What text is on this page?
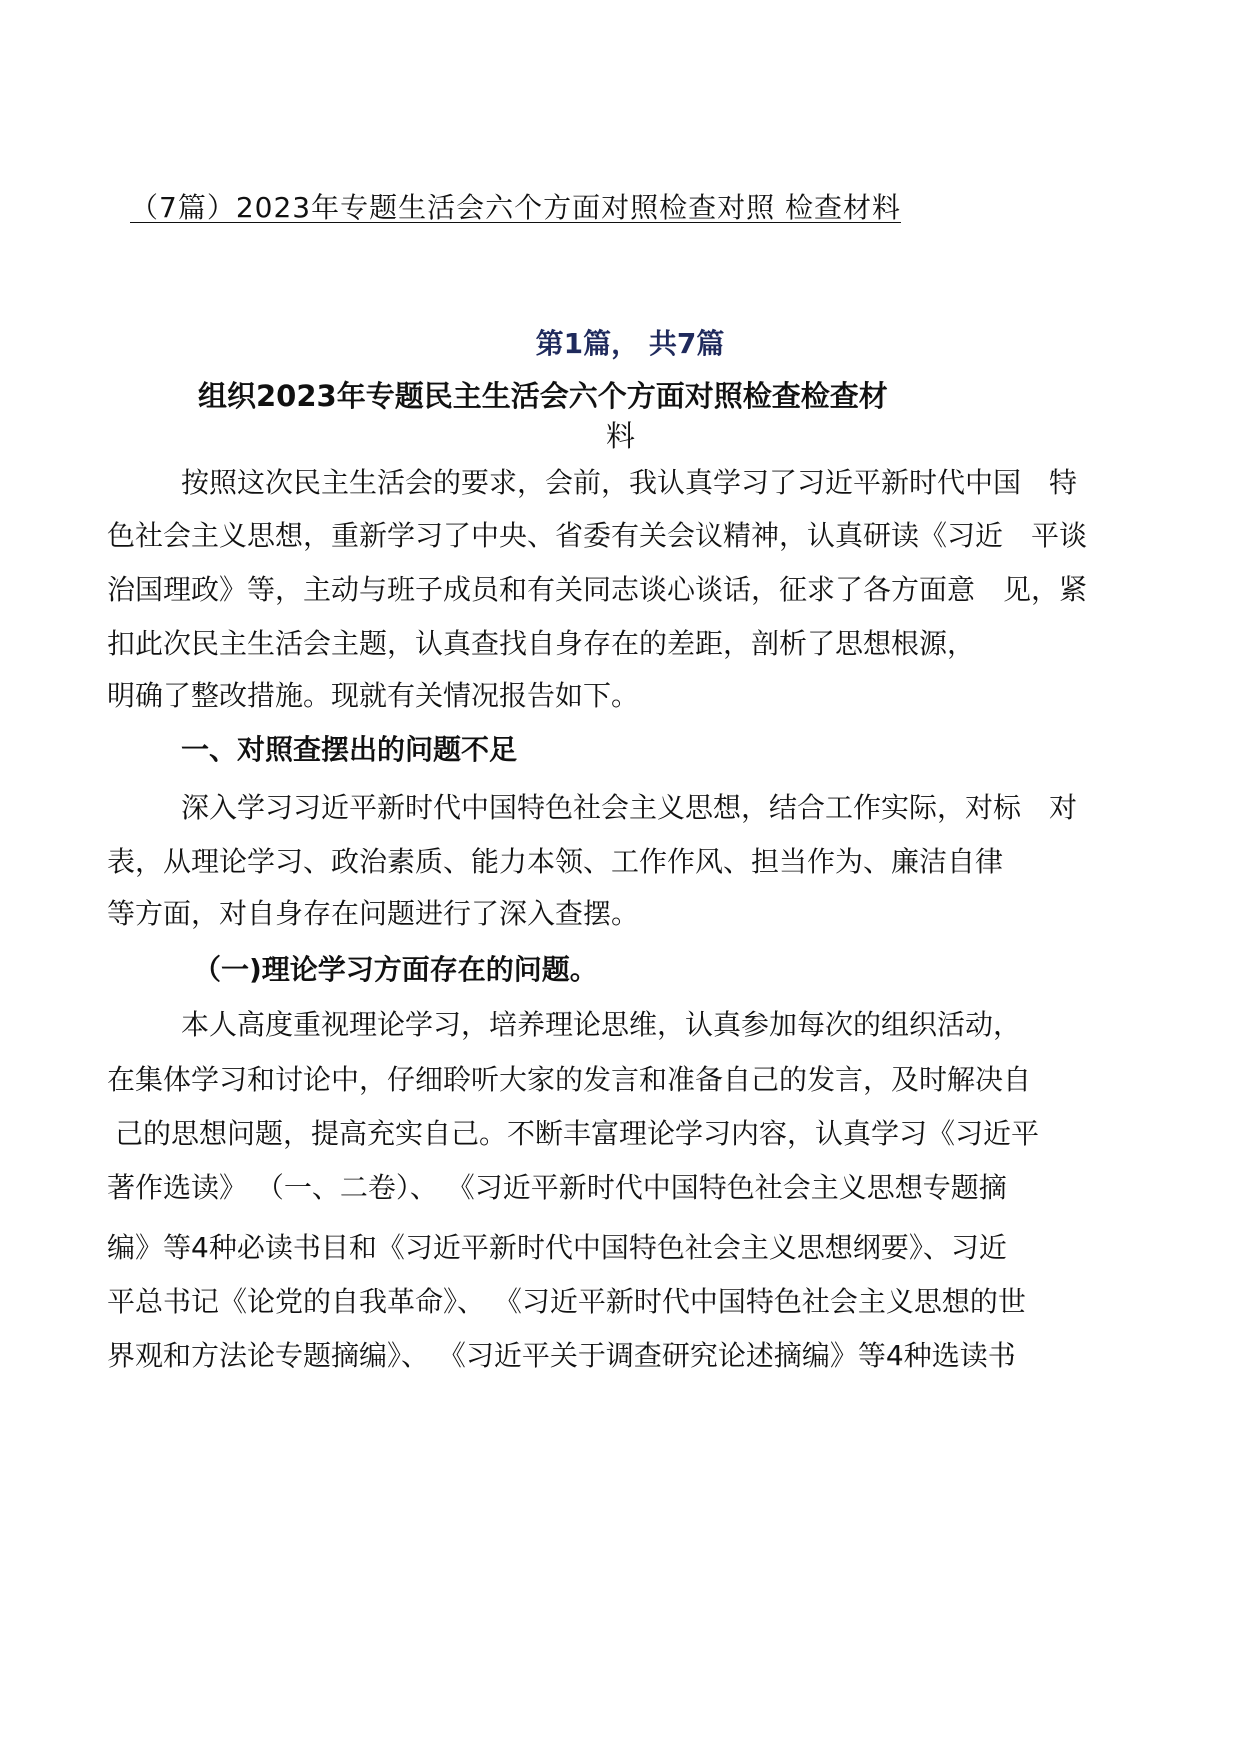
（7篇）2023年专题生活会六个方面对照检查对照 检查材料
第1篇， 共7篇
组织2023年专题民主生活会六个方面对照检查检查材
料
按照这次民主生活会的要求，会前，我认真学习了习近平新时代中国　特
色社会主义思想，重新学习了中央、省委有关会议精神，认真研读《习近　平谈
治国理政》等，主动与班子成员和有关同志谈心谈话，征求了各方面意　见，紧
扣此次民主生活会主题，认真查找自身存在的差距，剖析了思想根源，
明确了整改措施。现就有关情况报告如下。
一、对照查摆出的问题不足
深入学习习近平新时代中国特色社会主义思想，结合工作实际，对标　对
表，从理论学习、政治素质、能力本领、工作作风、担当作为、廉洁自律
等方面，对自身存在问题进行了深入查摆。
（一)理论学习方面存在的问题。
本人高度重视理论学习，培养理论思维，认真参加每次的组织活动，
在集体学习和讨论中，仔细聆听大家的发言和准备自己的发言，及时解决自
己的思想问题，提高充实自己。不断丰富理论学习内容，认真学习《习近平
著作选读》 （一、二卷）、 《习近平新时代中国特色社会主义思想专题摘
编》等4种必读书目和《习近平新时代中国特色社会主义思想纲要》、习近
平总书记《论党的自我革命》、 《习近平新时代中国特色社会主义思想的世
界观和方法论专题摘编》、 《习近平关于调查研究论述摘编》等4种选读书
